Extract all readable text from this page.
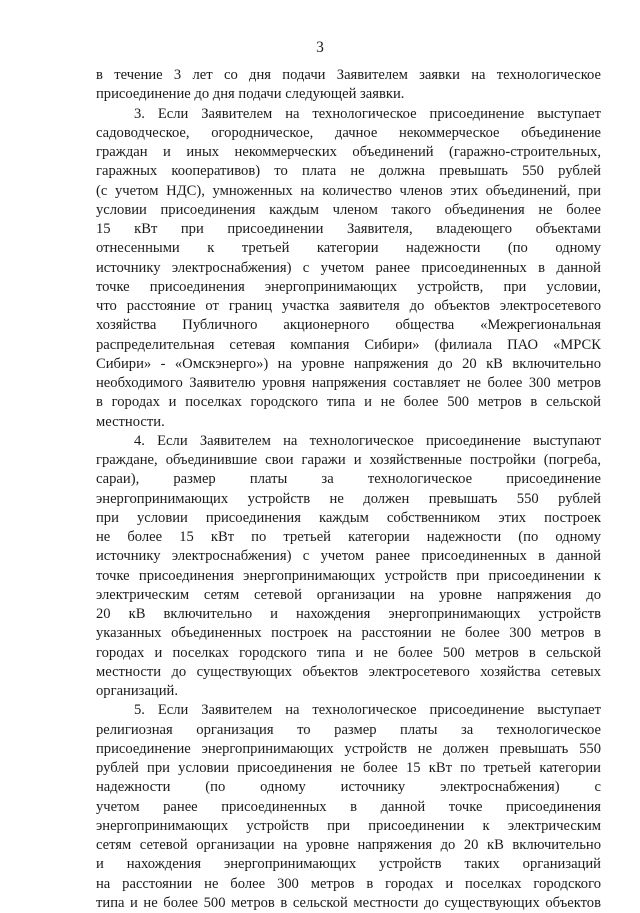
3
в течение 3 лет со дня подачи Заявителем заявки на технологическое
присоединение до дня подачи следующей заявки.
3. Если Заявителем на технологическое присоединение выступает
садоводческое, огородническое, дачное некоммерческое объединение
граждан и иных некоммерческих объединений (гаражно-строительных,
гаражных кооперативов) то плата не должна превышать 550 рублей
(с учетом НДС), умноженных на количество членов этих объединений, при
условии присоединения каждым членом такого объединения не более
15 кВт при присоединении Заявителя, владеющего объектами
отнесенными к третьей категории надежности (по одному
источнику электроснабжения) с учетом ранее присоединенных в данной
точке присоединения энергопринимающих устройств, при условии,
что расстояние от границ участка заявителя до объектов электросетевого
хозяйства Публичного акционерного общества «Межрегиональная
распределительная сетевая компания Сибири» (филиала ПАО «МРСК
Сибири» - «Омскэнерго») на уровне напряжения до 20 кВ включительно
необходимого Заявителю уровня напряжения составляет не более 300 метров
в городах и поселках городского типа и не более 500 метров в сельской
местности.
4. Если Заявителем на технологическое присоединение выступают
граждане, объединившие свои гаражи и хозяйственные постройки (погреба,
сараи), размер платы за технологическое присоединение
энергопринимающих устройств не должен превышать 550 рублей
при условии присоединения каждым собственником этих построек
не более 15 кВт по третьей категории надежности (по одному
источнику электроснабжения) с учетом ранее присоединенных в данной
точке присоединения энергопринимающих устройств при присоединении к
электрическим сетям сетевой организации на уровне напряжения до
20 кВ включительно и нахождения энергопринимающих устройств
указанных объединенных построек на расстоянии не более 300 метров в
городах и поселках городского типа и не более 500 метров в сельской
местности до существующих объектов электросетевого хозяйства сетевых
организаций.
5. Если Заявителем на технологическое присоединение выступает
религиозная организация то размер платы за технологическое
присоединение энергопринимающих устройств не должен превышать 550
рублей при условии присоединения не более 15 кВт по третьей категории
надежности (по одному источнику электроснабжения) с
учетом ранее присоединенных в данной точке присоединения
энергопринимающих устройств при присоединении к электрическим
сетям сетевой организации на уровне напряжения до 20 кВ включительно
и нахождения энергопринимающих устройств таких организаций
на расстоянии не более 300 метров в городах и поселках городского
типа и не более 500 метров в сельской местности до существующих объектов
